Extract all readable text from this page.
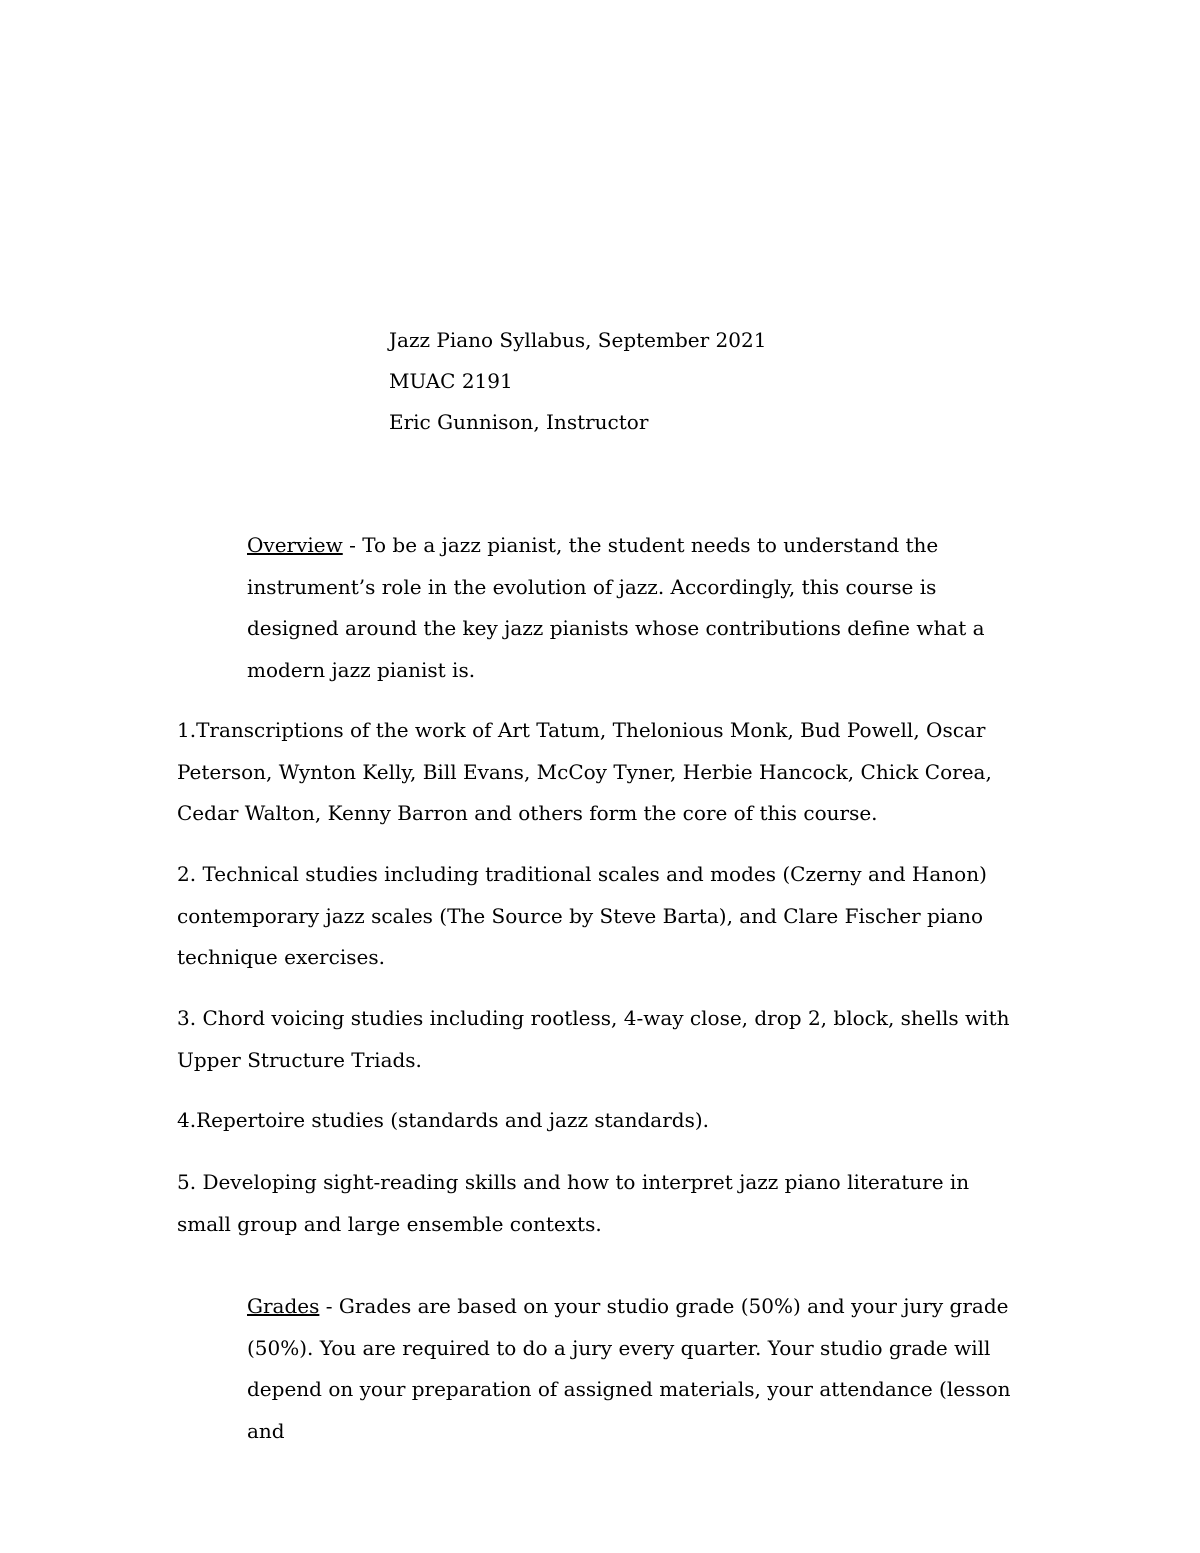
Jazz Piano Syllabus, September 2021
MUAC 2191
Eric Gunnison, Instructor

Overview - To be a jazz pianist, the student needs to understand the instrument’s role in the evolution of jazz. Accordingly, this course is designed around the key jazz pianists whose contributions define what a modern jazz pianist is.

1.Transcriptions of the work of Art Tatum, Thelonious Monk, Bud Powell, Oscar Peterson, Wynton Kelly, Bill Evans, McCoy Tyner, Herbie Hancock, Chick Corea, Cedar Walton, Kenny Barron and others form the core of this course.

2. Technical studies including traditional scales and modes (Czerny and Hanon) contemporary jazz scales (The Source by Steve Barta), and Clare Fischer piano technique exercises.

3. Chord voicing studies including rootless, 4-way close, drop 2, block, shells with Upper Structure Triads.

4.Repertoire studies (standards and jazz standards).

5. Developing sight-reading skills and how to interpret jazz piano literature in small group and large ensemble contexts.

Grades - Grades are based on your studio grade (50%) and your jury grade (50%). You are required to do a jury every quarter. Your studio grade will depend on your preparation of assigned materials, your attendance (lesson and
